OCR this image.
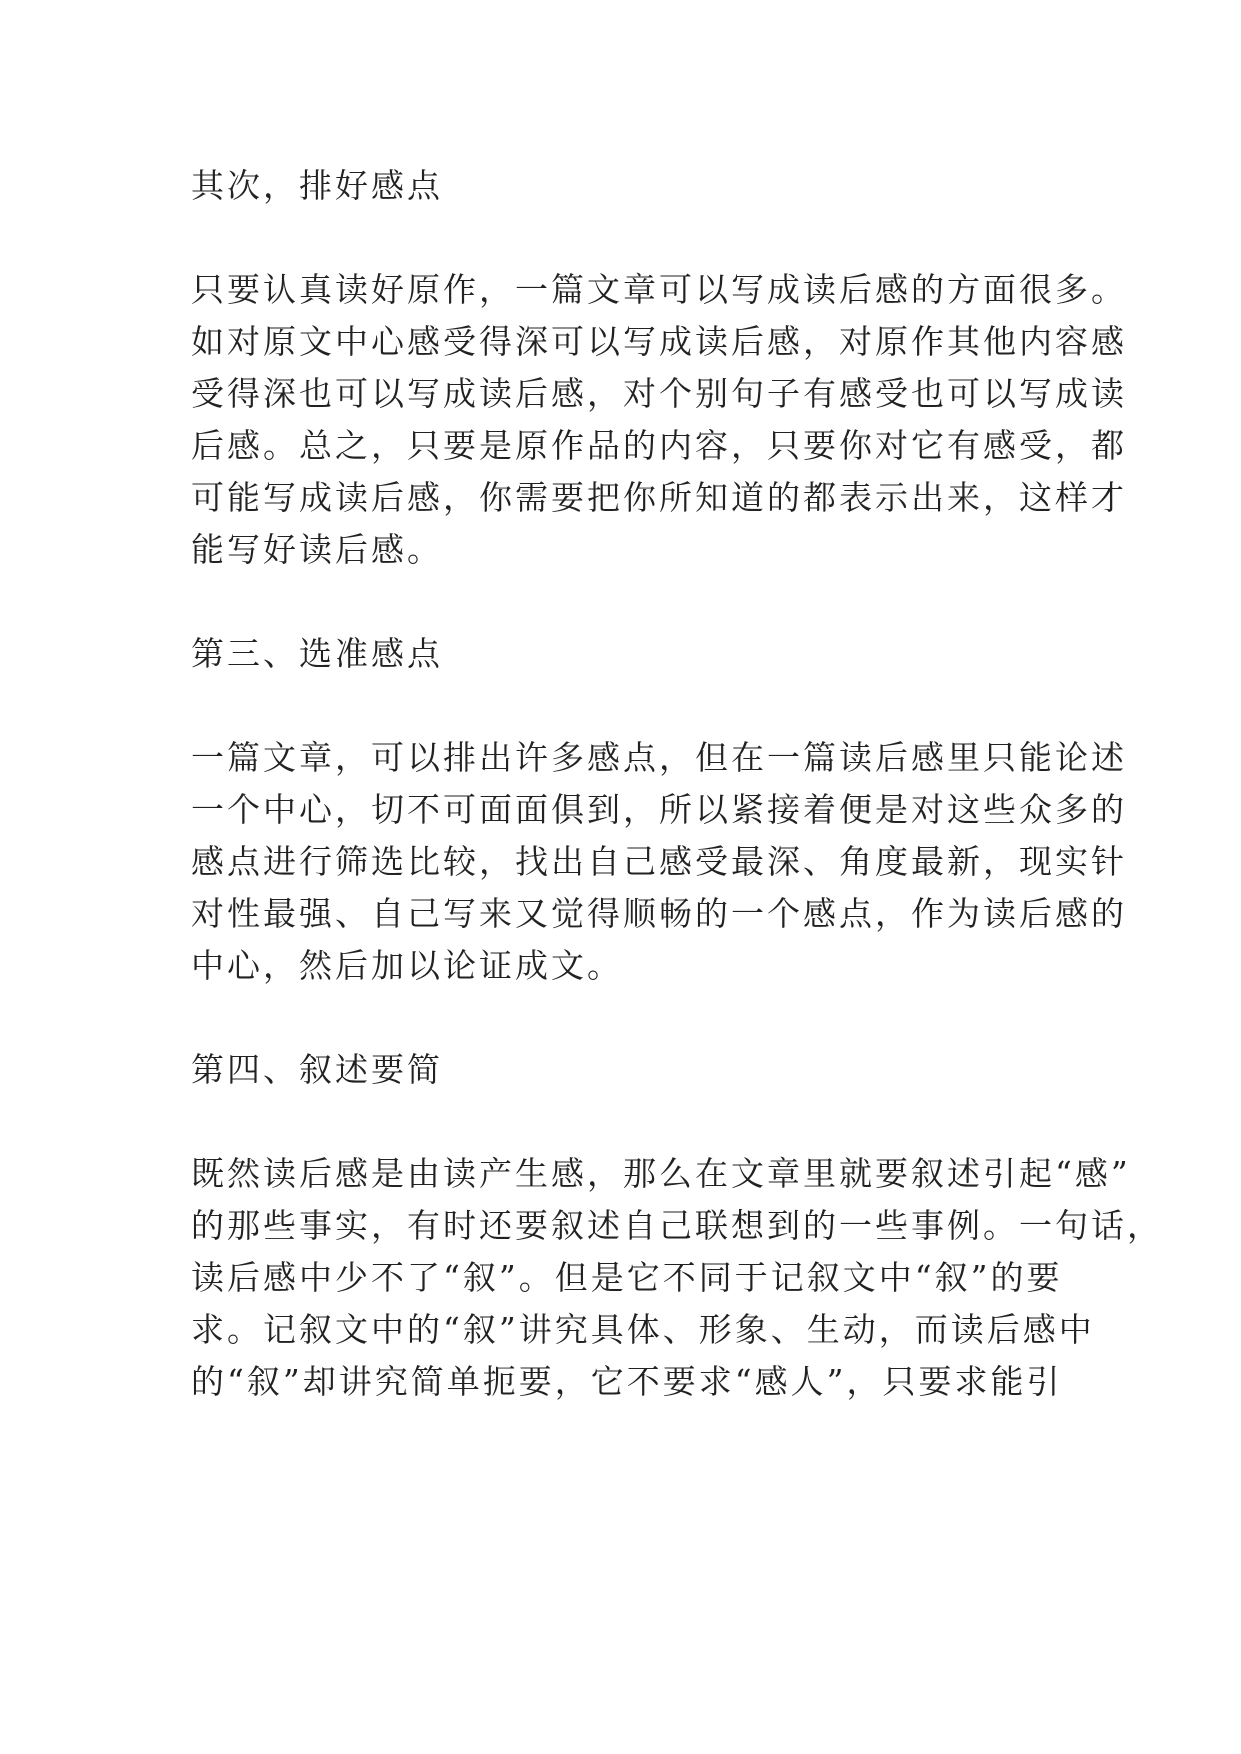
其次，排好感点
只要认真读好原作，一篇文章可以写成读后感的方面很多。
如对原文中心感受得深可以写成读后感，对原作其他内容感
受得深也可以写成读后感，对个别句子有感受也可以写成读
后感。总之，只要是原作品的内容，只要你对它有感受，都
可能写成读后感，你需要把你所知道的都表示出来，这样才
能写好读后感。
第三、选准感点
一篇文章，可以排出许多感点，但在一篇读后感里只能论述
一个中心，切不可面面俱到，所以紧接着便是对这些众多的
感点进行筛选比较，找出自己感受最深、角度最新，现实针
对性最强、自己写来又觉得顺畅的一个感点，作为读后感的
中心，然后加以论证成文。
第四、叙述要简
既然读后感是由读产生感，那么在文章里就要叙述引起“感”
的那些事实，有时还要叙述自己联想到的一些事例。一句话，
读后感中少不了“叙”。但是它不同于记叙文中“叙”的要
求。记叙文中的“叙”讲究具体、形象、生动，而读后感中
的“叙”却讲究简单扼要，它不要求“感人”，只要求能引
